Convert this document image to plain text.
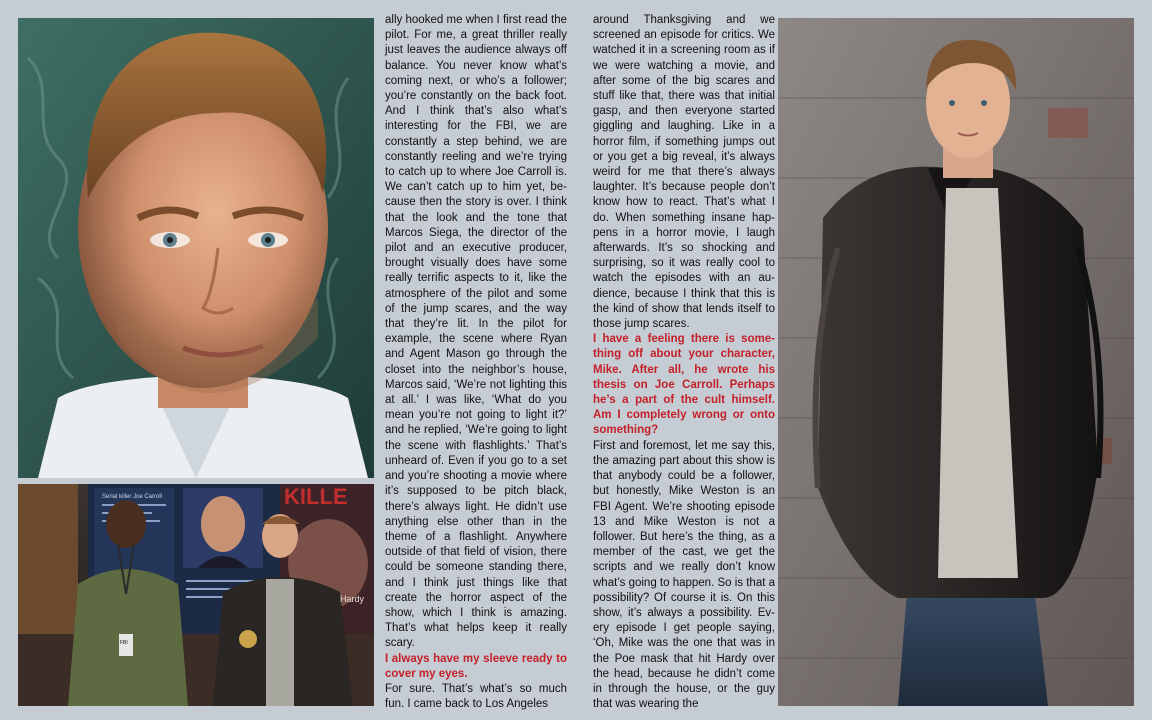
Serial killer Joe Carroll	KILLE
Hardy
FBI

ally hooked me when I first read the pilot. For me, a great thriller really just leaves the audience always off balance. You never know what’s coming next, or who’s a follower; you’re constantly on the back foot. And I think that’s also what’s interesting for the FBI, we are constantly a step behind, we are constantly reeling and we’re trying to catch up to where Joe Carroll is. We can’t catch up to him yet, because then the story is over. I think that the look and the tone that Marcos Siega, the director of the pilot and an executive producer, brought visually does have some really terrific aspects to it, like the atmosphere of the pilot and some of the jump scares, and the way that they’re lit. In the pilot for example, the scene where Ryan and Agent Mason go through the closet into the neighbor’s house, Marcos said, ‘We’re not lighting this at all.’ I was like, ‘What do you mean you’re not going to light it?’ and he replied, ‘We’re going to light the scene with flashlights.’ That’s unheard of. Even if you go to a set and you’re shooting a movie where it’s supposed to be pitch black, there’s always light. He didn’t use anything else other than in the theme of a flashlight. Anywhere outside of that field of vision, there could be someone standing there, and I think just things like that create the horror aspect of the show, which I think is amazing. That’s what helps keep it really scary.

I always have my sleeve ready to cover my eyes.

For sure. That’s what’s so much fun. I came back to Los Angeles

around Thanksgiving and we screened an episode for critics. We watched it in a screening room as if we were watching a movie, and after some of the big scares and stuff like that, there was that initial gasp, and then everyone started giggling and laughing. Like in a horror film, if something jumps out or you get a big reveal, it’s always weird for me that there’s always laughter. It’s because people don’t know how to react. That’s what I do. When something insane happens in a horror movie, I laugh afterwards. It’s so shocking and surprising, so it was really cool to watch the episodes with an audience, because I think that this is the kind of show that lends itself to those jump scares.

I have a feeling there is something off about your character, Mike. After all, he wrote his thesis on Joe Carroll. Perhaps he’s a part of the cult himself. Am I completely wrong or onto something?

First and foremost, let me say this, the amazing part about this show is that anybody could be a follower, but honestly, Mike Weston is an FBI Agent. We’re shooting episode 13 and Mike Weston is not a follower. But here’s the thing, as a member of the cast, we get the scripts and we really don’t know what’s going to happen. So is that a possibility? Of course it is. On this show, it’s always a possibility. Every episode I get people saying, ‘Oh, Mike was the one that was in the Poe mask that hit Hardy over the head, because he didn’t come in through the house, or the guy that was wearing the
